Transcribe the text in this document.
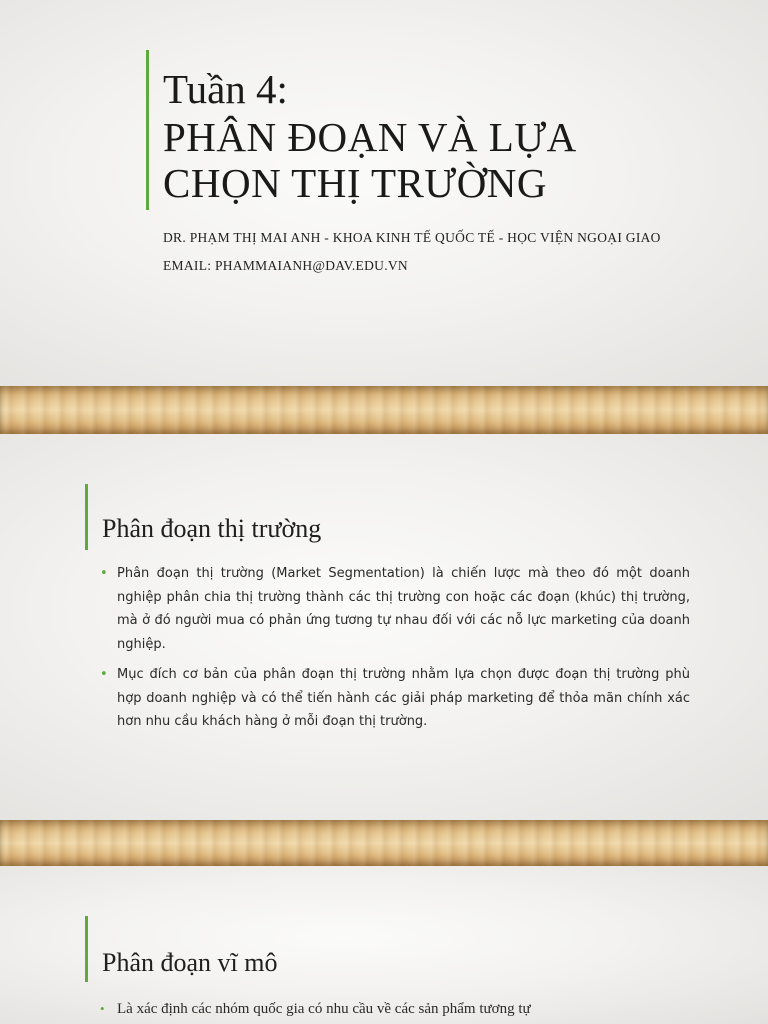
Tuần 4:
PHÂN ĐOẠN VÀ LỰA
CHỌN THỊ TRƯỜNG
DR. PHẠM THỊ MAI ANH - KHOA KINH TẾ QUỐC TẾ - HỌC VIỆN NGOẠI GIAO
EMAIL: PHAMMAIANH@DAV.EDU.VN
Phân đoạn thị trường
• Phân đoạn thị trường (Market Segmentation) là chiến lược mà theo đó một doanh nghiệp phân chia thị trường thành các thị trường con hoặc các đoạn (khúc) thị trường, mà ở đó người mua có phản ứng tương tự nhau đối với các nỗ lực marketing của doanh nghiệp.
• Mục đích cơ bản của phân đoạn thị trường nhằm lựa chọn được đoạn thị trường phù hợp doanh nghiệp và có thể tiến hành các giải pháp marketing để thỏa mãn chính xác hơn nhu cầu khách hàng ở mỗi đoạn thị trường.
Phân đoạn vĩ mô
• Là xác định các nhóm quốc gia có nhu cầu về các sản phẩm tương tự
